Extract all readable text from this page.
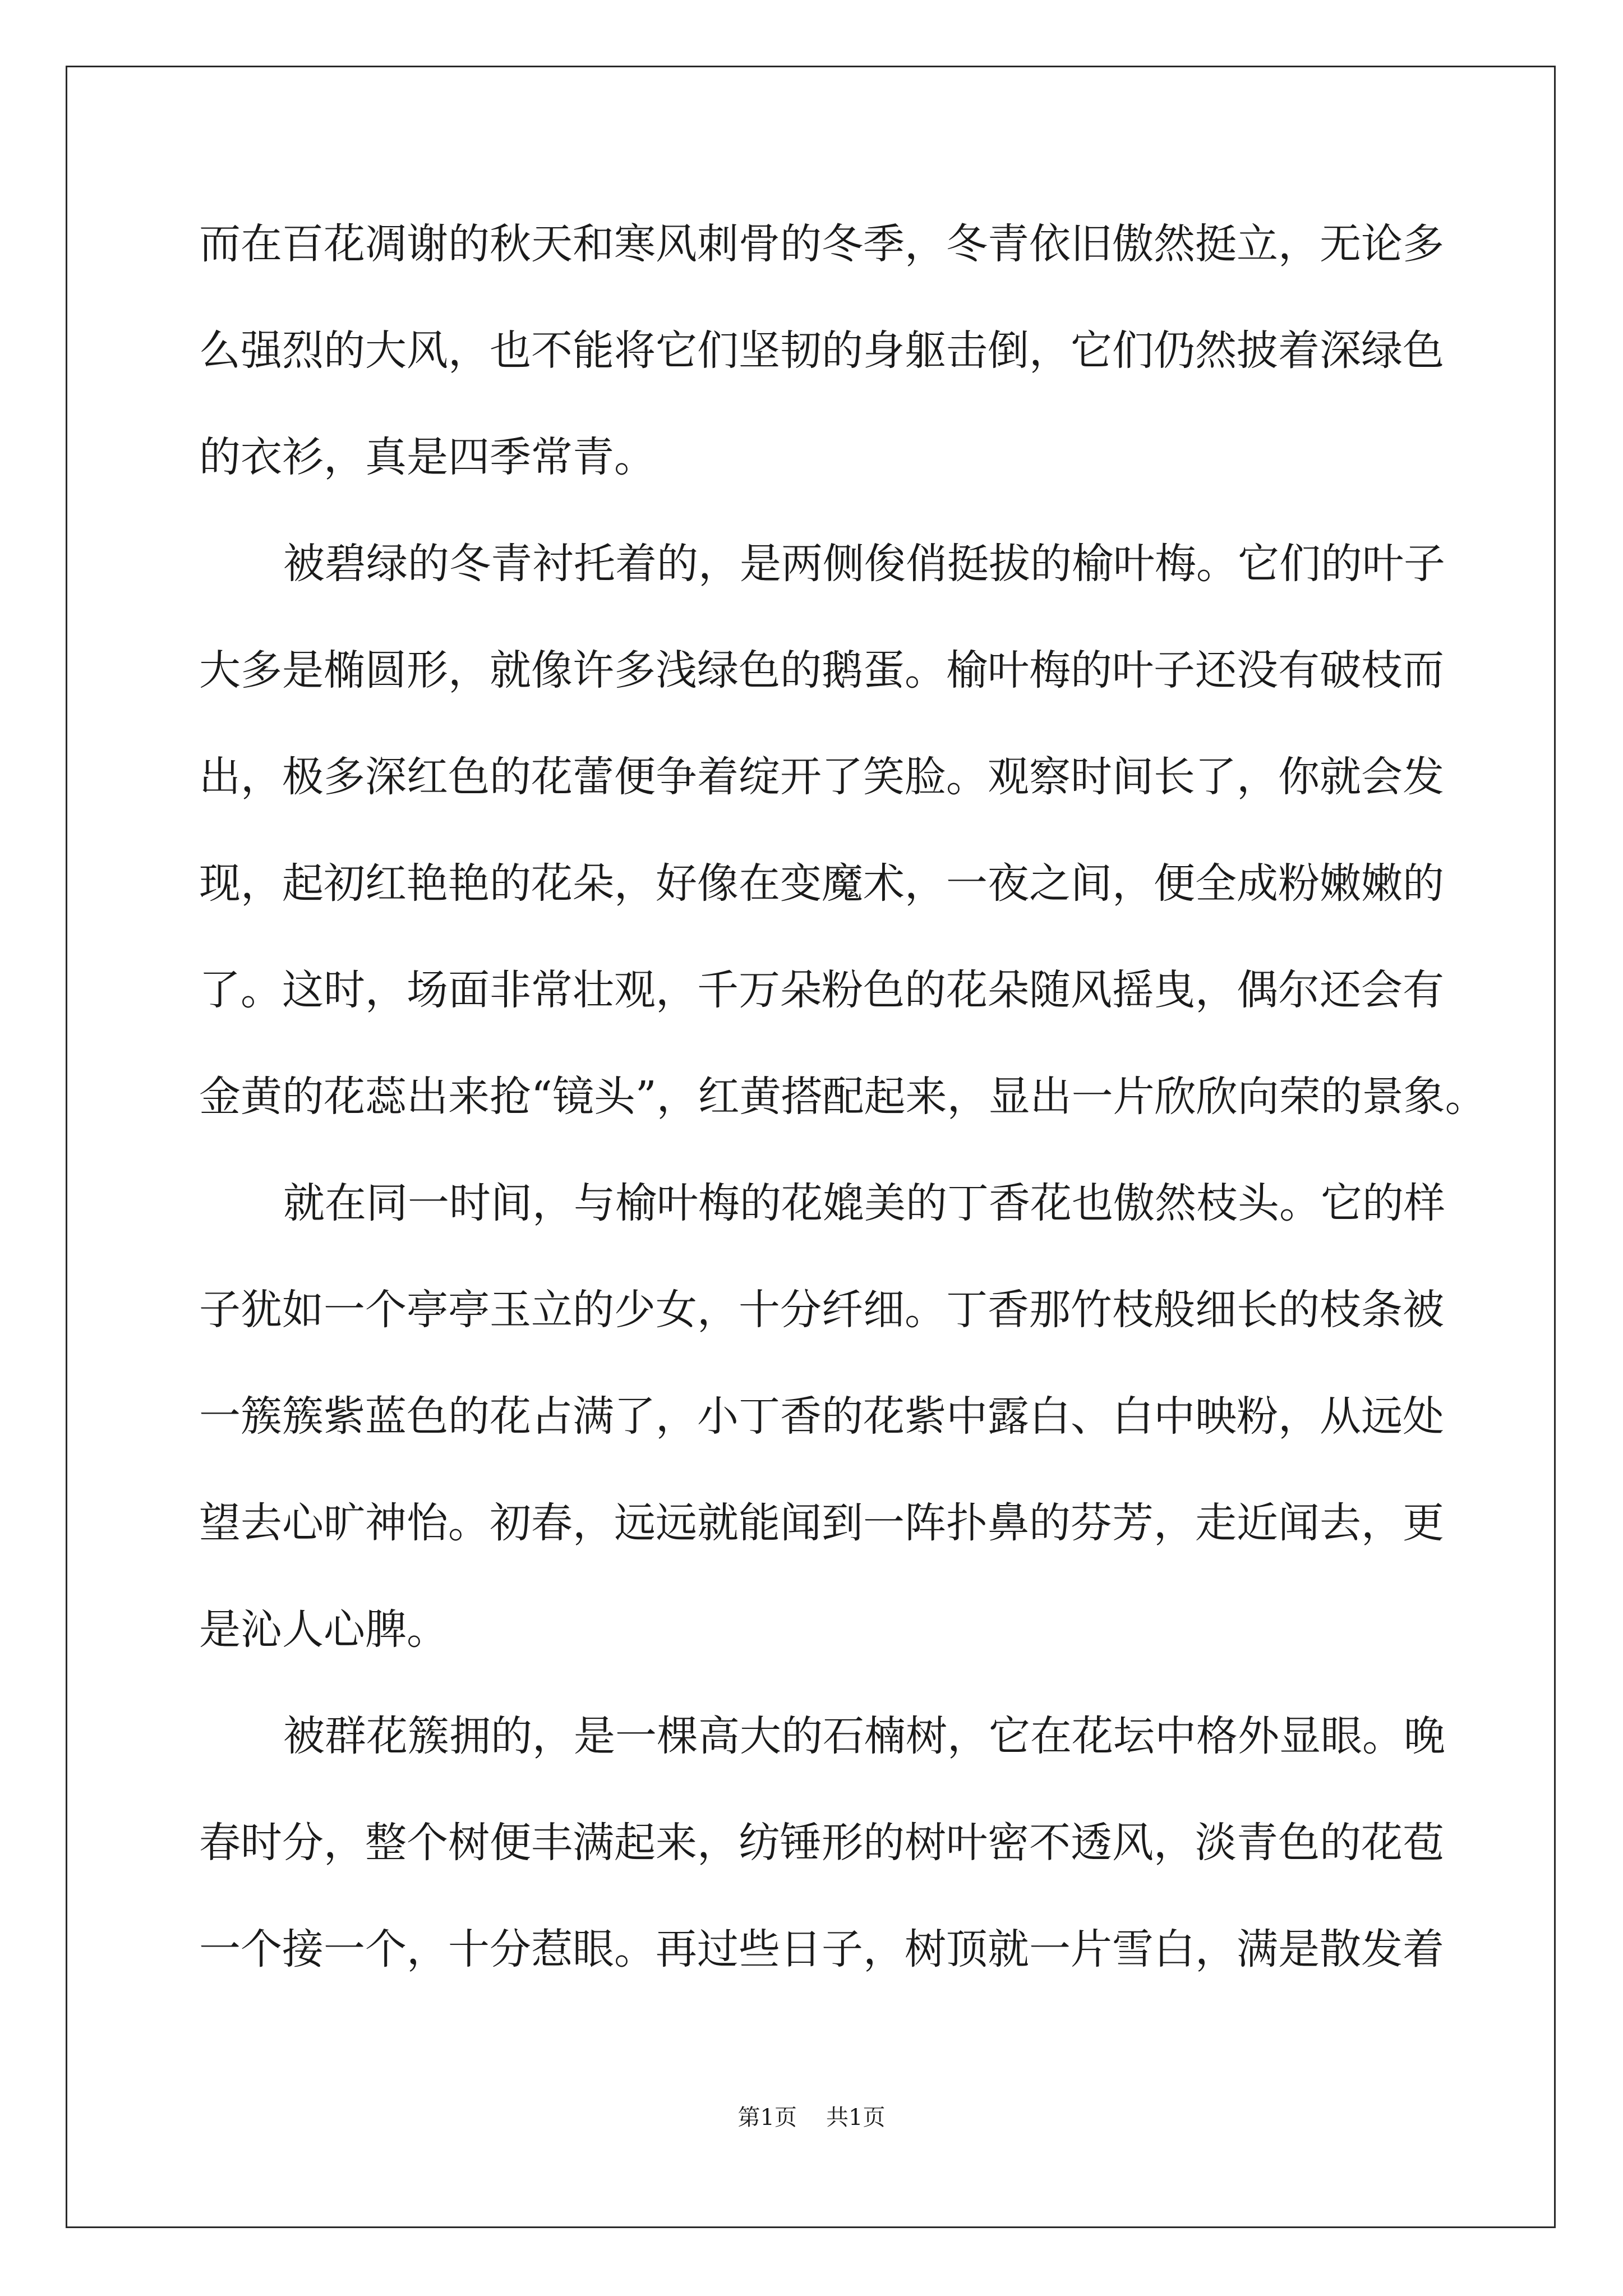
而在百花凋谢的秋天和寒风刺骨的冬季，冬青依旧傲然挺立，无论多
么强烈的大风，也不能将它们坚韧的身躯击倒，它们仍然披着深绿色
的衣衫，真是四季常青。
被碧绿的冬青衬托着的，是两侧俊俏挺拔的榆叶梅。它们的叶子
大多是椭圆形，就像许多浅绿色的鹅蛋。榆叶梅的叶子还没有破枝而
出，极多深红色的花蕾便争着绽开了笑脸。观察时间长了，你就会发
现，起初红艳艳的花朵，好像在变魔术，一夜之间，便全成粉嫩嫩的
了。这时，场面非常壮观，千万朵粉色的花朵随风摇曳，偶尔还会有
金黄的花蕊出来抢“镜头”，红黄搭配起来，显出一片欣欣向荣的景象。
就在同一时间，与榆叶梅的花媲美的丁香花也傲然枝头。它的样
子犹如一个亭亭玉立的少女，十分纤细。丁香那竹枝般细长的枝条被
一簇簇紫蓝色的花占满了，小丁香的花紫中露白、白中映粉，从远处
望去心旷神怡。初春，远远就能闻到一阵扑鼻的芬芳，走近闻去，更
是沁人心脾。
被群花簇拥的，是一棵高大的石楠树，它在花坛中格外显眼。晚
春时分，整个树便丰满起来，纺锤形的树叶密不透风，淡青色的花苞
一个接一个，十分惹眼。再过些日子，树顶就一片雪白，满是散发着
第1页 共1页
